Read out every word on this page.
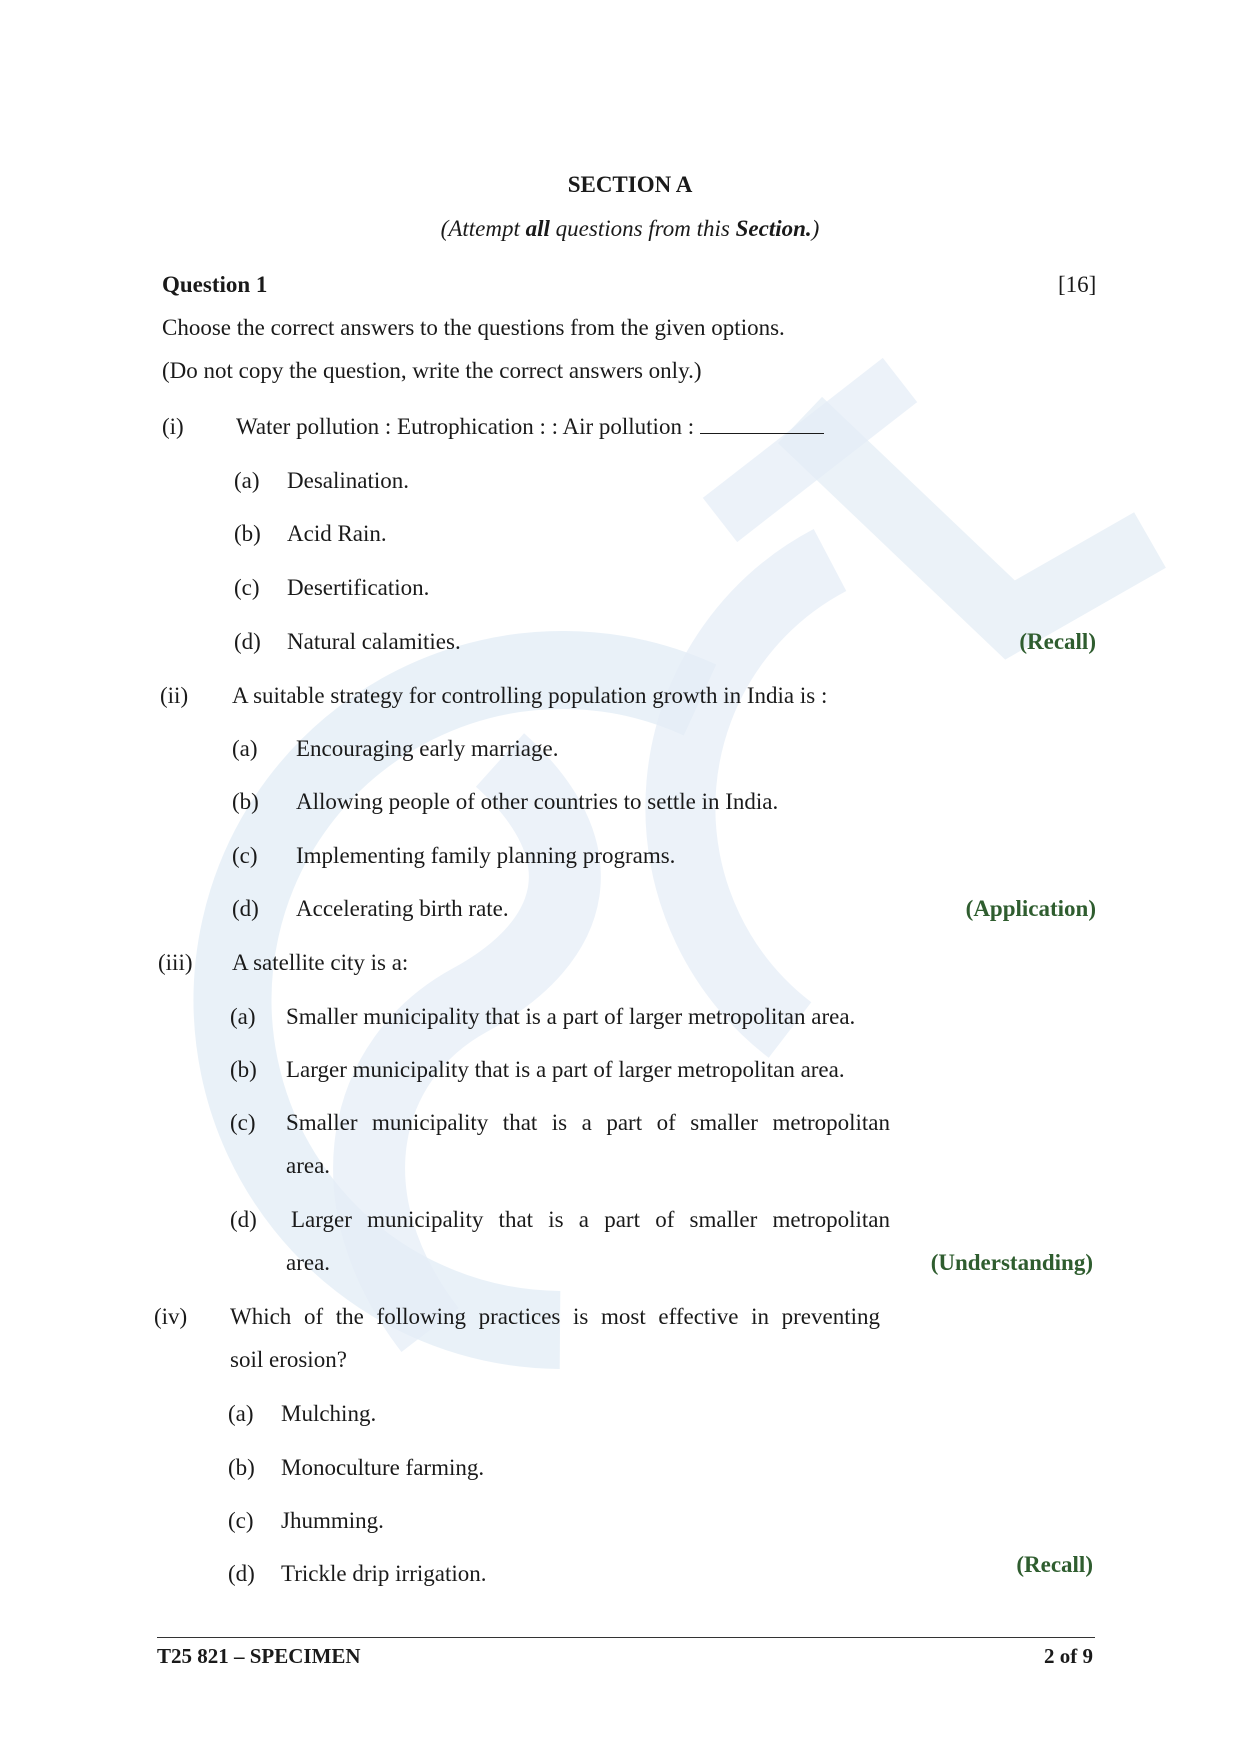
SECTION A
(Attempt all questions from this Section.)
Question 1	[16]
Choose the correct answers to the questions from the given options.
(Do not copy the question, write the correct answers only.)
(i) Water pollution : Eutrophication : : Air pollution :
(a) Desalination.
(b) Acid Rain.
(c) Desertification.
(d) Natural calamities.	(Recall)
(ii) A suitable strategy for controlling population growth in India is :
(a) Encouraging early marriage.
(b) Allowing people of other countries to settle in India.
(c) Implementing family planning programs.
(d) Accelerating birth rate.	(Application)
(iii) A satellite city is a:
(a) Smaller municipality that is a part of larger metropolitan area.
(b) Larger municipality that is a part of larger metropolitan area.
(c) Smaller municipality that is a part of smaller metropolitan
area.
(d) Larger municipality that is a part of smaller metropolitan
area.	(Understanding)
(iv) Which of the following practices is most effective in preventing
soil erosion?
(a) Mulching.
(b) Monoculture farming.
(c) Jhumming.
(d) Trickle drip irrigation.	(Recall)
T25 821 – SPECIMEN	2 of 9
